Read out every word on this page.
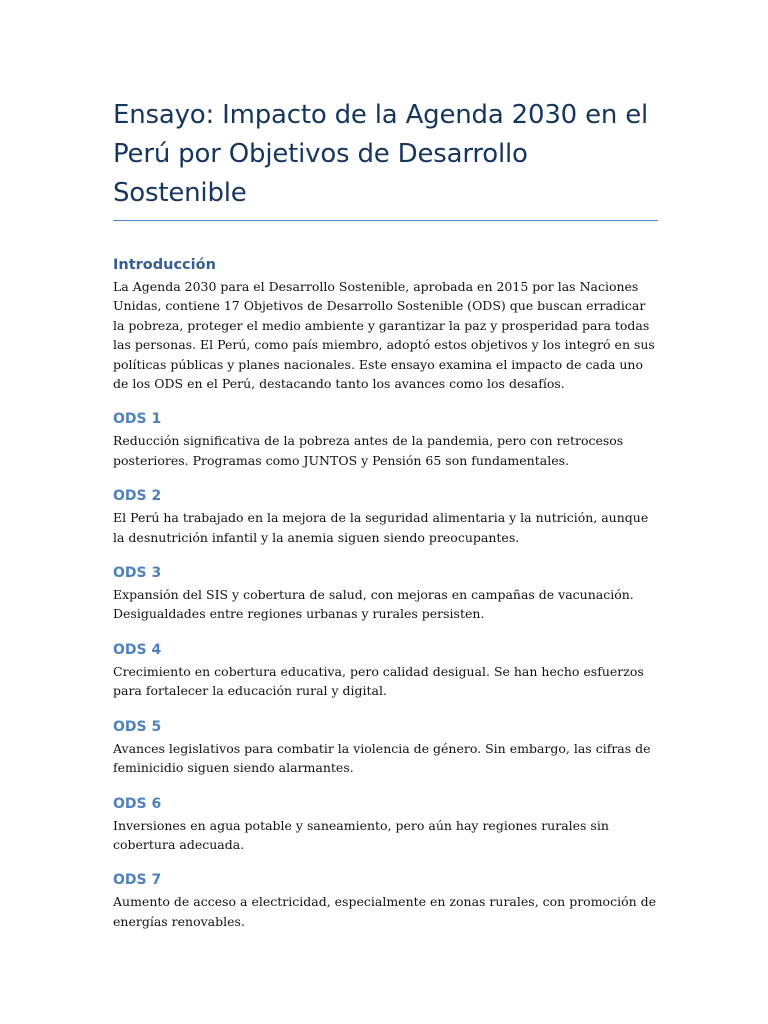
Ensayo: Impacto de la Agenda 2030 en el Perú por Objetivos de Desarrollo Sostenible
Introducción

La Agenda 2030 para el Desarrollo Sostenible, aprobada en 2015 por las Naciones Unidas, contiene 17 Objetivos de Desarrollo Sostenible (ODS) que buscan erradicar la pobreza, proteger el medio ambiente y garantizar la paz y prosperidad para todas las personas. El Perú, como país miembro, adoptó estos objetivos y los integró en sus políticas públicas y planes nacionales. Este ensayo examina el impacto de cada uno de los ODS en el Perú, destacando tanto los avances como los desafíos.

ODS 1

Reducción significativa de la pobreza antes de la pandemia, pero con retrocesos posteriores. Programas como JUNTOS y Pensión 65 son fundamentales.

ODS 2

El Perú ha trabajado en la mejora de la seguridad alimentaria y la nutrición, aunque la desnutrición infantil y la anemia siguen siendo preocupantes.

ODS 3

Expansión del SIS y cobertura de salud, con mejoras en campañas de vacunación. Desigualdades entre regiones urbanas y rurales persisten.

ODS 4

Crecimiento en cobertura educativa, pero calidad desigual. Se han hecho esfuerzos para fortalecer la educación rural y digital.

ODS 5

Avances legislativos para combatir la violencia de género. Sin embargo, las cifras de feminicidio siguen siendo alarmantes.

ODS 6

Inversiones en agua potable y saneamiento, pero aún hay regiones rurales sin cobertura adecuada.

ODS 7

Aumento de acceso a electricidad, especialmente en zonas rurales, con promoción de energías renovables.
